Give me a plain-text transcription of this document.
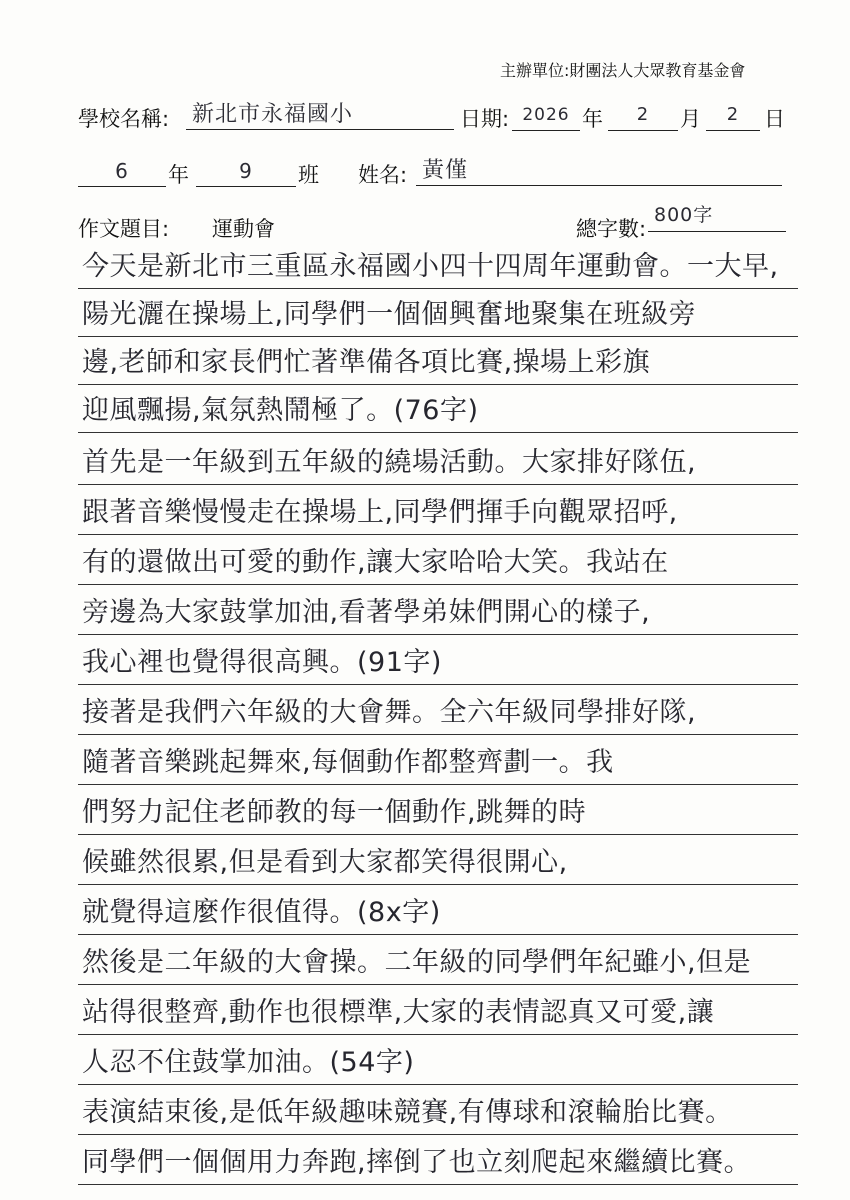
主辦單位:財團法人大眾教育基金會
學校名稱: 新北市永福國小	日期: 2026 年	2	月	2	日
6	年	9	班 姓名: 黃僅
作文題目: 運動會	總字數:
800字
今天是新北市三重區永福國小四十四周年運動會。一大早,
陽光灑在操場上,同學們一個個興奮地聚集在班級旁
邊,老師和家長們忙著準備各項比賽,操場上彩旗
迎風飄揚,氣氛熱鬧極了。(76字)
首先是一年級到五年級的繞場活動。大家排好隊伍,
跟著音樂慢慢走在操場上,同學們揮手向觀眾招呼,
有的還做出可愛的動作,讓大家哈哈大笑。我站在
旁邊為大家鼓掌加油,看著學弟妹們開心的樣子,
我心裡也覺得很高興。(91字)
接著是我們六年級的大會舞。全六年級同學排好隊,
隨著音樂跳起舞來,每個動作都整齊劃一。我
們努力記住老師教的每一個動作,跳舞的時
候雖然很累,但是看到大家都笑得很開心,
就覺得這麼作很值得。(8x字)
然後是二年級的大會操。二年級的同學們年紀雖小,但是
站得很整齊,動作也很標準,大家的表情認真又可愛,讓
人忍不住鼓掌加油。(54字)
表演結束後,是低年級趣味競賽,有傳球和滾輪胎比賽。
同學們一個個用力奔跑,摔倒了也立刻爬起來繼續比賽。
